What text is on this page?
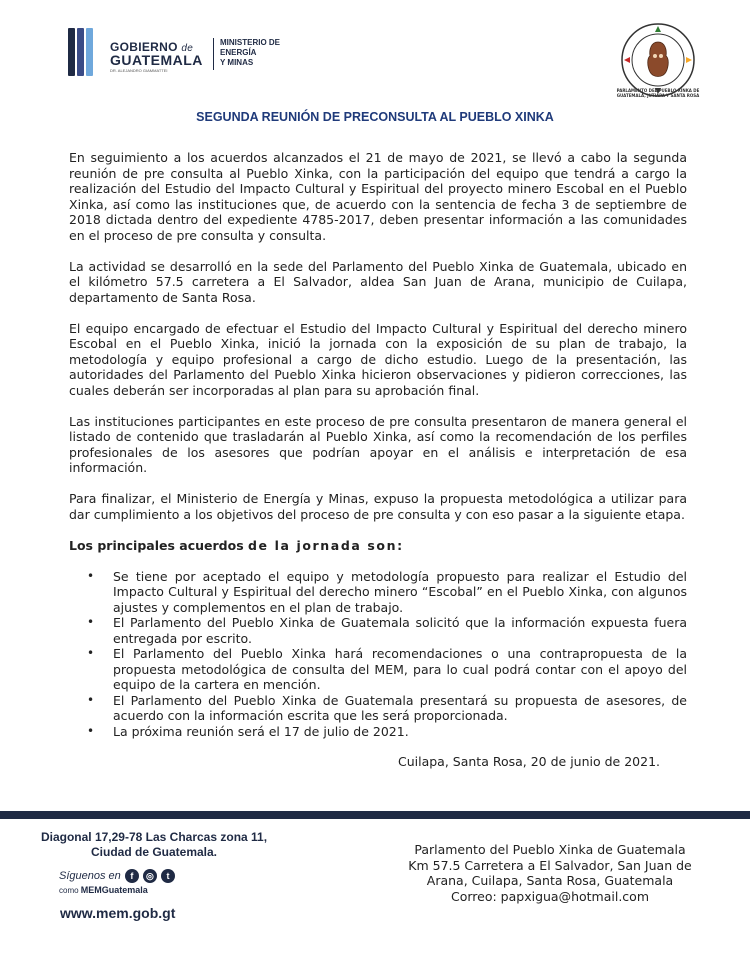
GOBIERNO de
GUATEMALA
DR. ALEJANDRO GIAMMATTEI
MINISTERIO DE
ENERGÍA
Y MINAS
PARLAMENTO DEL PUEBLO XINKA DE GUATEMALA, JUTIAPA Y SANTA ROSA
SEGUNDA REUNIÓN DE PRECONSULTA AL PUEBLO XINKA

En seguimiento a los acuerdos alcanzados el 21 de mayo de 2021, se llevó a cabo la segunda reunión de pre consulta al Pueblo Xinka, con la participación del equipo que tendrá a cargo la realización del Estudio del Impacto Cultural y Espiritual del proyecto minero Escobal en el Pueblo Xinka, así como las instituciones que, de acuerdo con la sentencia de fecha 3 de septiembre de 2018 dictada dentro del expediente 4785-2017, deben presentar información a las comunidades en el proceso de pre consulta y consulta.

La actividad se desarrolló en la sede del Parlamento del Pueblo Xinka de Guatemala, ubicado en el kilómetro 57.5 carretera a El Salvador, aldea San Juan de Arana, municipio de Cuilapa, departamento de Santa Rosa.

El equipo encargado de efectuar el Estudio del Impacto Cultural y Espiritual del derecho minero Escobal en el Pueblo Xinka, inició la jornada con la exposición de su plan de trabajo, la metodología y equipo profesional a cargo de dicho estudio. Luego de la presentación, las autoridades del Parlamento del Pueblo Xinka hicieron observaciones y pidieron correcciones, las cuales deberán ser incorporadas al plan para su aprobación final.

Las instituciones participantes en este proceso de pre consulta presentaron de manera general el listado de contenido que trasladarán al Pueblo Xinka, así como la recomendación de los perfiles profesionales de los asesores que podrían apoyar en el análisis e interpretación de esa información.

Para finalizar, el Ministerio de Energía y Minas, expuso la propuesta metodológica a utilizar para dar cumplimiento a los objetivos del proceso de pre consulta y con eso pasar a la siguiente etapa.

Los principales acuerdos de la jornada son:
• Se tiene por aceptado el equipo y metodología propuesto para realizar el Estudio del Impacto Cultural y Espiritual del derecho minero “Escobal” en el Pueblo Xinka, con algunos ajustes y complementos en el plan de trabajo.
• El Parlamento del Pueblo Xinka de Guatemala solicitó que la información expuesta fuera entregada por escrito.
• El Parlamento del Pueblo Xinka hará recomendaciones o una contrapropuesta de la propuesta metodológica de consulta del MEM, para lo cual podrá contar con el apoyo del equipo de la cartera en mención.
• El Parlamento del Pueblo Xinka de Guatemala presentará su propuesta de asesores, de acuerdo con la información escrita que les será proporcionada.
• La próxima reunión será el 17 de julio de 2021.
Cuilapa, Santa Rosa, 20 de junio de 2021.
Diagonal 17,29-78 Las Charcas zona 11,
Ciudad de Guatemala.
Síguenos en f ◎ t
como MEMGuatemala
www.mem.gob.gt
Parlamento del Pueblo Xinka de Guatemala
Km 57.5 Carretera a El Salvador, San Juan de
Arana, Cuilapa, Santa Rosa, Guatemala
Correo: papxigua@hotmail.com
